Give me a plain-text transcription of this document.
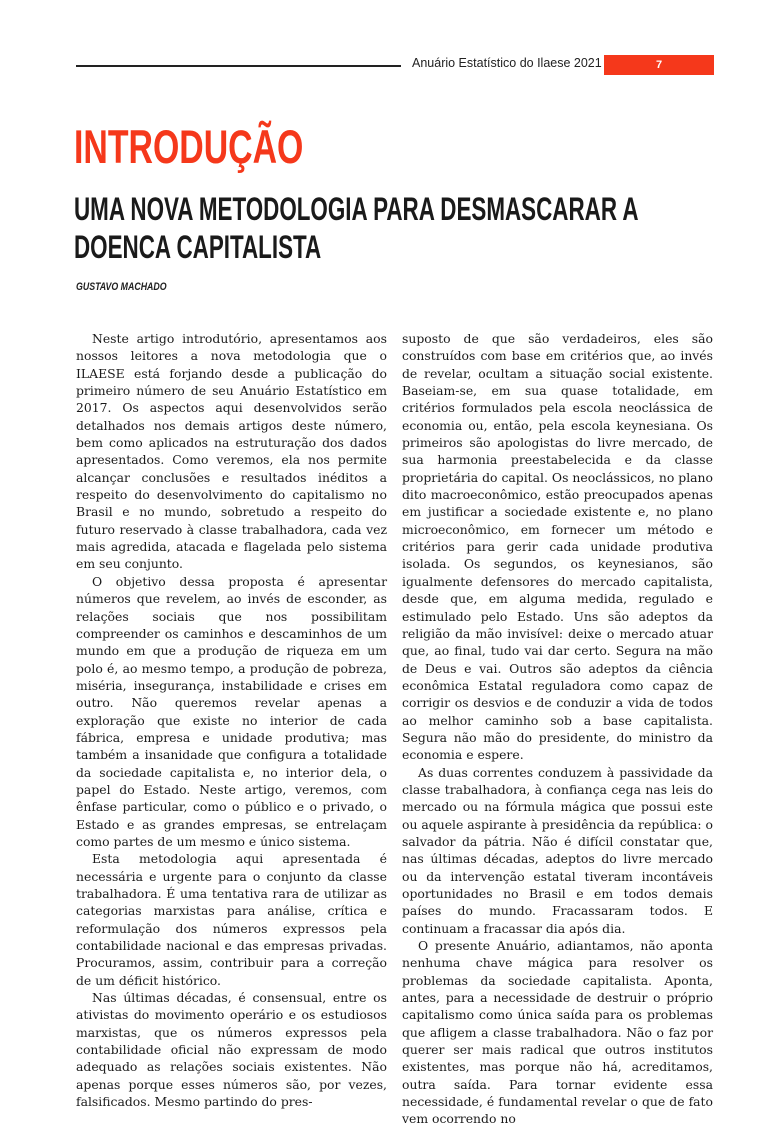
Anuário Estatístico do Ilaese 2021	7
INTRODUÇÃO
UMA NOVA METODOLOGIA PARA DESMASCARAR A DOENCA CAPITALISTA
GUSTAVO MACHADO

Neste artigo introdutório, apresentamos aos nossos leitores a nova metodologia que o ILAESE está forjando desde a publicação do primeiro número de seu Anuário Estatístico em 2017. Os aspectos aqui desenvolvidos serão detalhados nos demais artigos deste número, bem como aplicados na estruturação dos dados apresentados. Como veremos, ela nos permite alcançar conclusões e resultados inéditos a respeito do desenvolvimento do capitalismo no Brasil e no mundo, sobretudo a respeito do futuro reservado à classe trabalhadora, cada vez mais agredida, atacada e flagelada pelo sistema em seu conjunto.

O objetivo dessa proposta é apresentar números que revelem, ao invés de esconder, as relações sociais que nos possibilitam compreender os caminhos e descaminhos de um mundo em que a produção de riqueza em um polo é, ao mesmo tempo, a produção de pobreza, miséria, insegurança, instabilidade e crises em outro. Não queremos revelar apenas a exploração que existe no interior de cada fábrica, empresa e unidade produtiva; mas também a insanidade que configura a totalidade da sociedade capitalista e, no interior dela, o papel do Estado. Neste artigo, veremos, com ênfase particular, como o público e o privado, o Estado e as grandes empresas, se entrelaçam como partes de um mesmo e único sistema.

Esta metodologia aqui apresentada é necessária e urgente para o conjunto da classe trabalhadora. É uma tentativa rara de utilizar as categorias marxistas para análise, crítica e reformulação dos números expressos pela contabilidade nacional e das empresas privadas. Procuramos, assim, contribuir para a correção de um déficit histórico.

Nas últimas décadas, é consensual, entre os ativistas do movimento operário e os estudiosos marxistas, que os números expressos pela contabilidade oficial não expressam de modo adequado as relações sociais existentes. Não apenas porque esses números são, por vezes, falsificados. Mesmo partindo do pres-

suposto de que são verdadeiros, eles são construídos com base em critérios que, ao invés de revelar, ocultam a situação social existente. Baseiam-se, em sua quase totalidade, em critérios formulados pela escola neoclássica de economia ou, então, pela escola keynesiana. Os primeiros são apologistas do livre mercado, de sua harmonia preestabelecida e da classe proprietária do capital. Os neoclássicos, no plano dito macroeconômico, estão preocupados apenas em justificar a sociedade existente e, no plano microeconômico, em fornecer um método e critérios para gerir cada unidade produtiva isolada. Os segundos, os keynesianos, são igualmente defensores do mercado capitalista, desde que, em alguma medida, regulado e estimulado pelo Estado. Uns são adeptos da religião da mão invisível: deixe o mercado atuar que, ao final, tudo vai dar certo. Segura na mão de Deus e vai. Outros são adeptos da ciência econômica Estatal reguladora como capaz de corrigir os desvios e de conduzir a vida de todos ao melhor caminho sob a base capitalista. Segura não mão do presidente, do ministro da economia e espere.

As duas correntes conduzem à passividade da classe trabalhadora, à confiança cega nas leis do mercado ou na fórmula mágica que possui este ou aquele aspirante à presidência da república: o salvador da pátria. Não é difícil constatar que, nas últimas décadas, adeptos do livre mercado ou da intervenção estatal tiveram incontáveis oportunidades no Brasil e em todos demais países do mundo. Fracassaram todos. E continuam a fracassar dia após dia.

O presente Anuário, adiantamos, não aponta nenhuma chave mágica para resolver os problemas da sociedade capitalista. Aponta, antes, para a necessidade de destruir o próprio capitalismo como única saída para os problemas que afligem a classe trabalhadora. Não o faz por querer ser mais radical que outros institutos existentes, mas porque não há, acreditamos, outra saída. Para tornar evidente essa necessidade, é fundamental revelar o que de fato vem ocorrendo no
